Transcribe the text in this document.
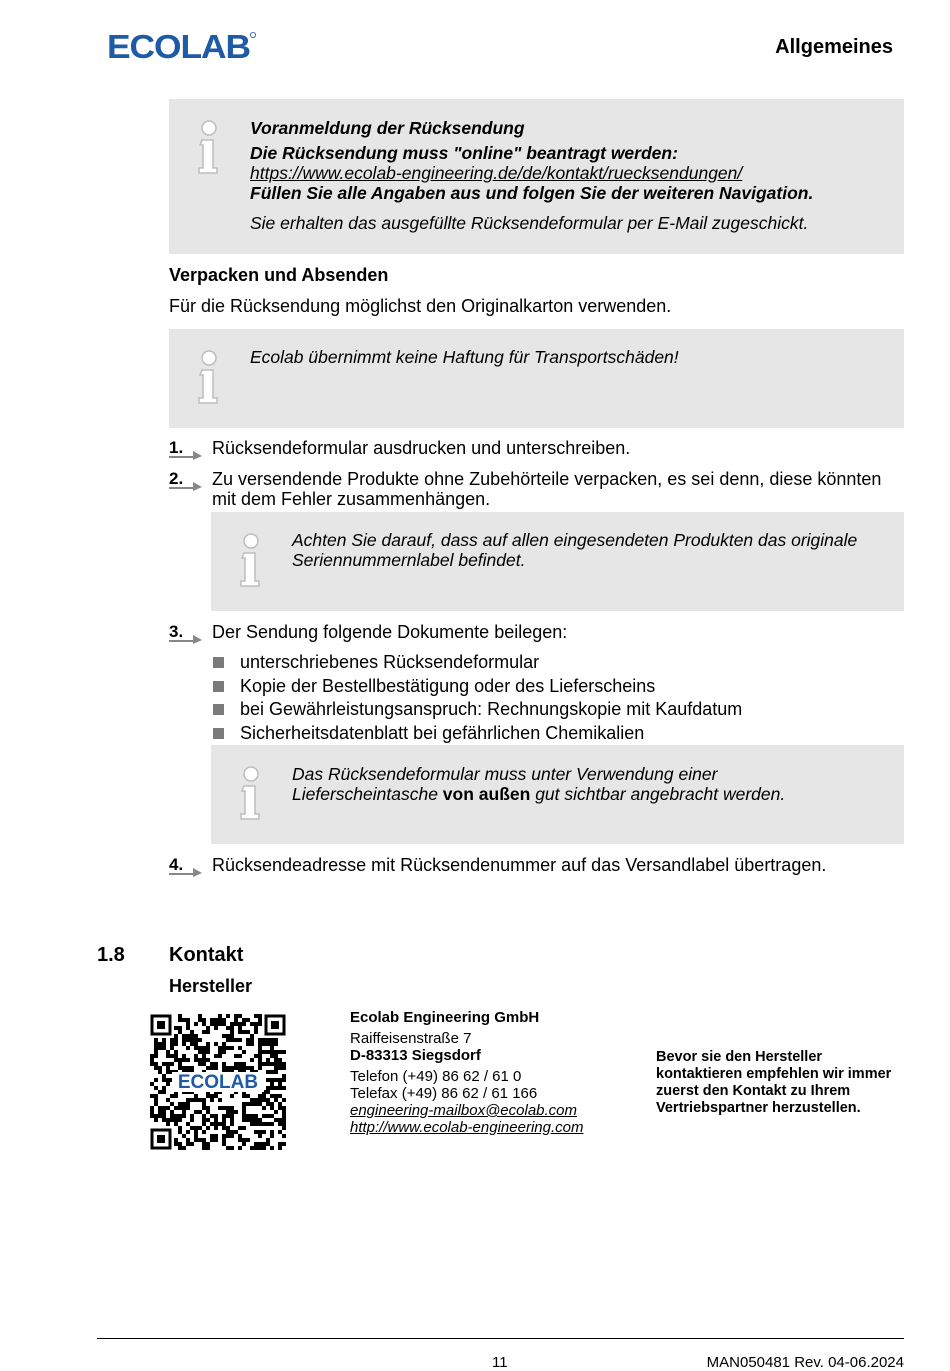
ECOLAB	Allgemeines
Voranmeldung der Rücksendung
Die Rücksendung muss "online" beantragt werden:
https://www.ecolab-engineering.de/de/kontakt/ruecksendungen/
Füllen Sie alle Angaben aus und folgen Sie der weiteren Navigation.
Sie erhalten das ausgefüllte Rücksendeformular per E-Mail zugeschickt.
Verpacken und Absenden
Für die Rücksendung möglichst den Originalkarton verwenden.
Ecolab übernimmt keine Haftung für Transportschäden!
1. Rücksendeformular ausdrucken und unterschreiben.
2. Zu versendende Produkte ohne Zubehörteile verpacken, es sei denn, diese könnten mit dem Fehler zusammenhängen.
Achten Sie darauf, dass auf allen eingesendeten Produkten das originale Seriennummernlabel befindet.
3. Der Sendung folgende Dokumente beilegen:
unterschriebenes Rücksendeformular
Kopie der Bestellbestätigung oder des Lieferscheins
bei Gewährleistungsanspruch: Rechnungskopie mit Kaufdatum
Sicherheitsdatenblatt bei gefährlichen Chemikalien
Das Rücksendeformular muss unter Verwendung einer Lieferscheintasche von außen gut sichtbar angebracht werden.
4. Rücksendeadresse mit Rücksendenummer auf das Versandlabel übertragen.
1.8 Kontakt
Hersteller
ECOLAB
Ecolab Engineering GmbH
Raiffeisenstraße 7
D-83313 Siegsdorf
Telefon (+49) 86 62 / 61 0
Telefax (+49) 86 62 / 61 166
engineering-mailbox@ecolab.com
http://www.ecolab-engineering.com
Bevor sie den Hersteller kontaktieren empfehlen wir immer zuerst den Kontakt zu Ihrem Vertriebspartner herzustellen.
11	MAN050481 Rev. 04-06.2024
